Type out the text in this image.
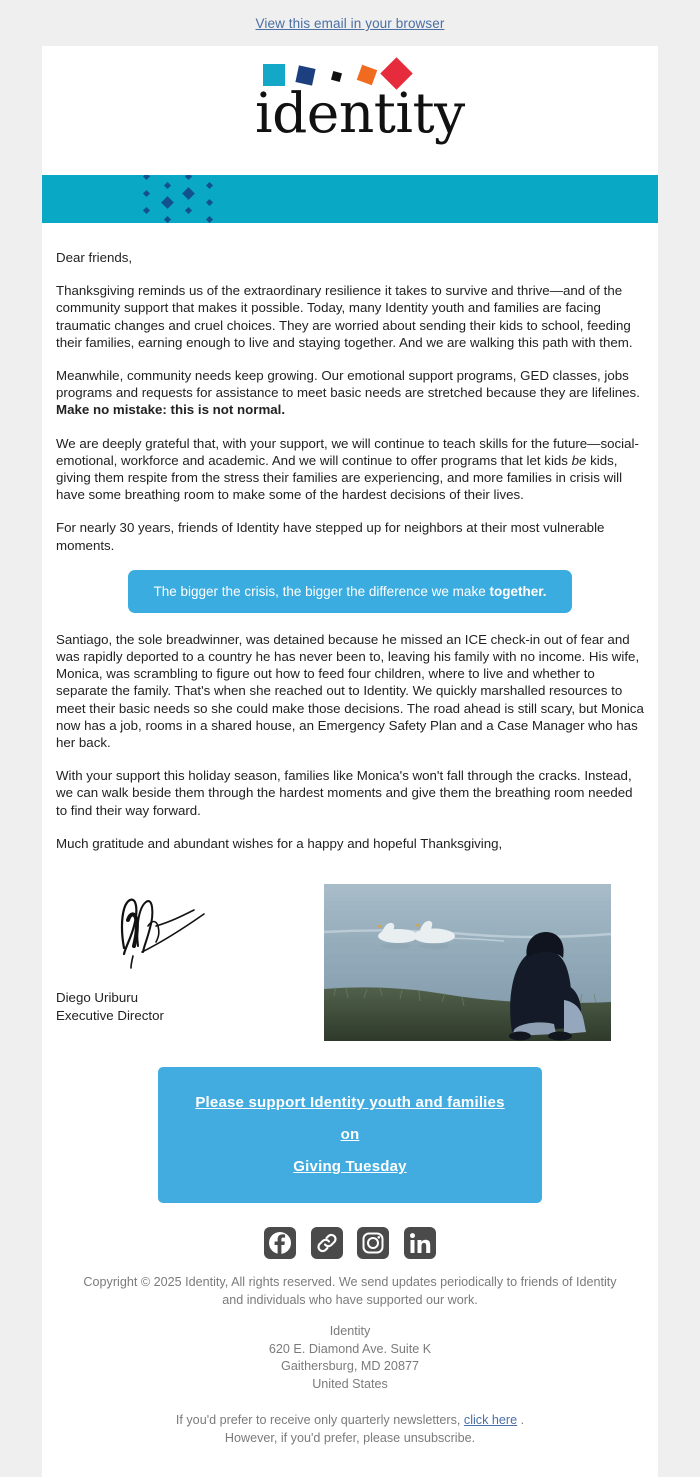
View this email in your browser
identity

Dear friends,

Thanksgiving reminds us of the extraordinary resilience it takes to survive and thrive—and of the community support that makes it possible. Today, many Identity youth and families are facing traumatic changes and cruel choices. They are worried about sending their kids to school, feeding their families, earning enough to live and staying together. And we are walking this path with them.

Meanwhile, community needs keep growing. Our emotional support programs, GED classes, jobs programs and requests for assistance to meet basic needs are stretched because they are lifelines. Make no mistake: this is not normal.

We are deeply grateful that, with your support, we will continue to teach skills for the future—social-emotional, workforce and academic. And we will continue to offer programs that let kids be kids, giving them respite from the stress their families are experiencing, and more families in crisis will have some breathing room to make some of the hardest decisions of their lives.

For nearly 30 years, friends of Identity have stepped up for neighbors at their most vulnerable moments.

The bigger the crisis, the bigger the difference we make together.

Santiago, the sole breadwinner, was detained because he missed an ICE check-in out of fear and was rapidly deported to a country he has never been to, leaving his family with no income. His wife, Monica, was scrambling to figure out how to feed four children, where to live and whether to separate the family. That's when she reached out to Identity. We quickly marshalled resources to meet their basic needs so she could make those decisions. The road ahead is still scary, but Monica now has a job, rooms in a shared house, an Emergency Safety Plan and a Case Manager who has her back.

With your support this holiday season, families like Monica's won't fall through the cracks. Instead, we can walk beside them through the hardest moments and give them the breathing room needed to find their way forward.

Much gratitude and abundant wishes for a happy and hopeful Thanksgiving,

Diego Uriburu
Executive Director
Please support Identity youth and families on
Giving Tuesday

Copyright © 2025 Identity, All rights reserved. We send updates periodically to friends of Identity and individuals who have supported our work.
Identity
620 E. Diamond Ave. Suite K
Gaithersburg, MD 20877
United States
If you'd prefer to receive only quarterly newsletters, click here .
However, if you'd prefer, please unsubscribe.
